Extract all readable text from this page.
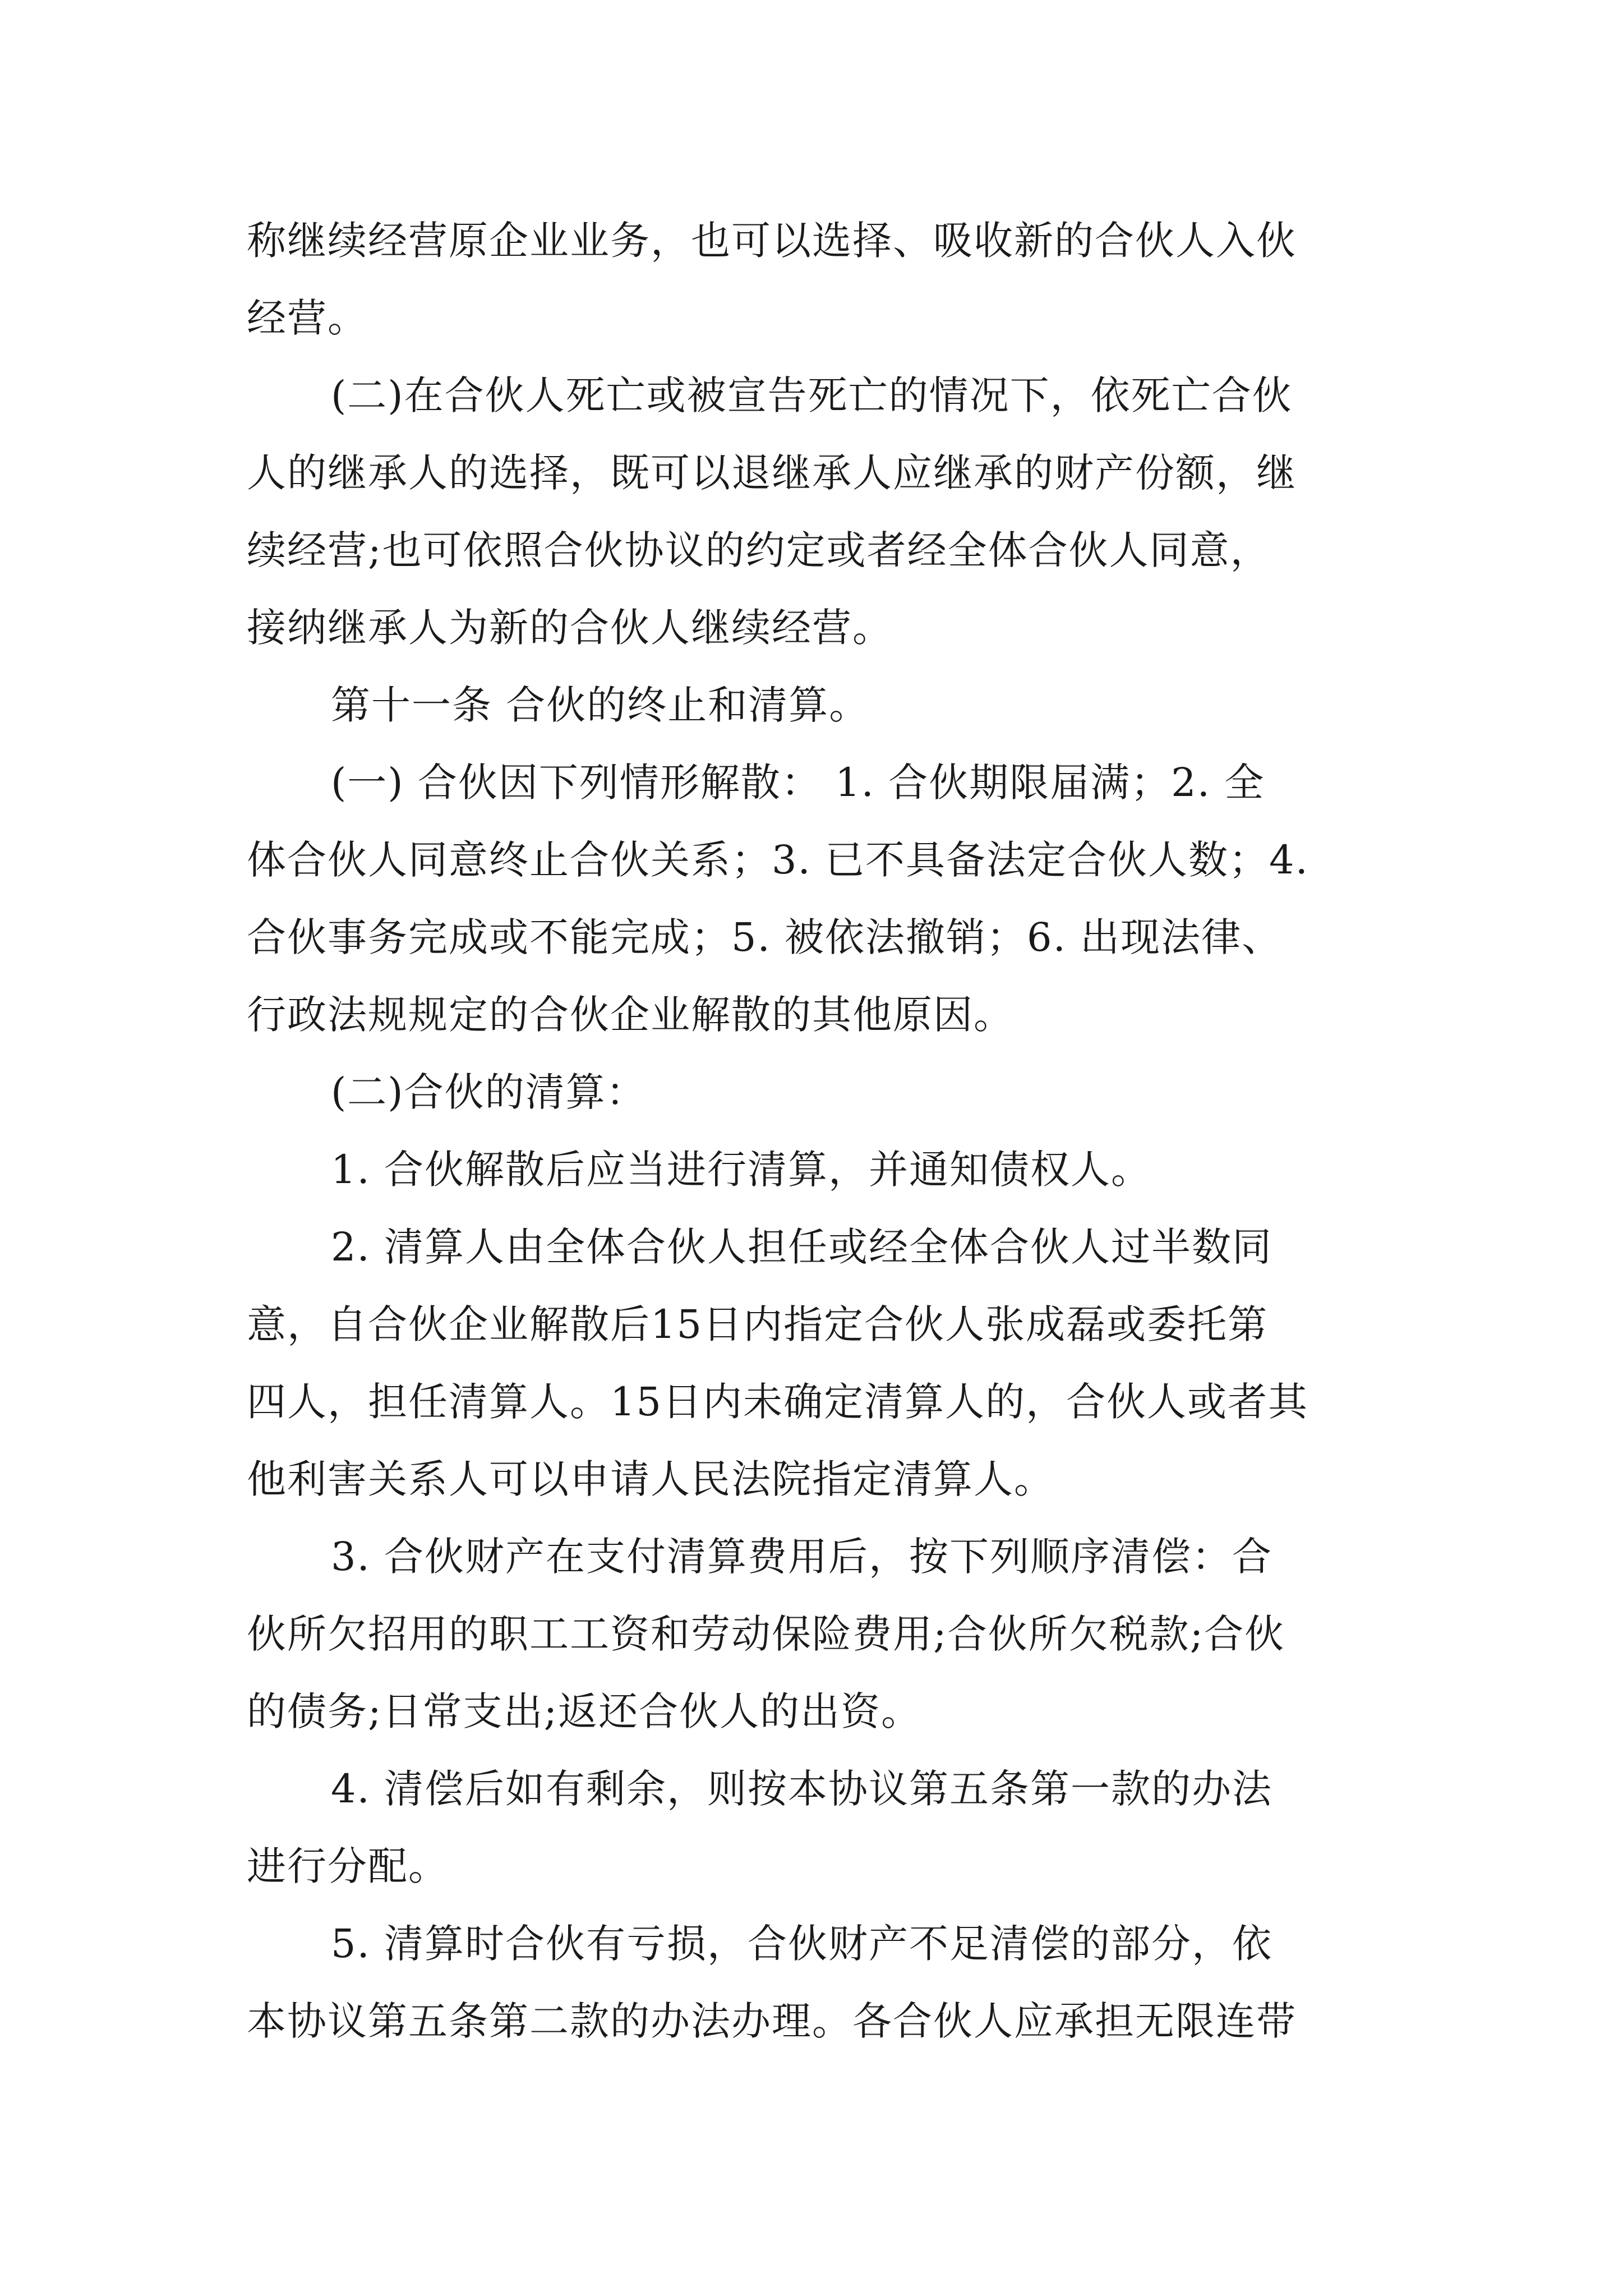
称继续经营原企业业务，也可以选择、吸收新的合伙人入伙
经营。
(二)在合伙人死亡或被宣告死亡的情况下，依死亡合伙
人的继承人的选择，既可以退继承人应继承的财产份额，继
续经营;也可依照合伙协议的约定或者经全体合伙人同意，
接纳继承人为新的合伙人继续经营。
第十一条 合伙的终止和清算。
(一) 合伙因下列情形解散： 1. 合伙期限届满；2. 全
体合伙人同意终止合伙关系；3. 已不具备法定合伙人数；4.
合伙事务完成或不能完成；5. 被依法撤销；6. 出现法律、
行政法规规定的合伙企业解散的其他原因。
(二)合伙的清算：
1. 合伙解散后应当进行清算，并通知债权人。
2. 清算人由全体合伙人担任或经全体合伙人过半数同
意，自合伙企业解散后15日内指定合伙人张成磊或委托第
四人，担任清算人。15日内未确定清算人的，合伙人或者其
他利害关系人可以申请人民法院指定清算人。
3. 合伙财产在支付清算费用后，按下列顺序清偿：合
伙所欠招用的职工工资和劳动保险费用;合伙所欠税款;合伙
的债务;日常支出;返还合伙人的出资。
4. 清偿后如有剩余，则按本协议第五条第一款的办法
进行分配。
5. 清算时合伙有亏损，合伙财产不足清偿的部分，依
本协议第五条第二款的办法办理。各合伙人应承担无限连带
